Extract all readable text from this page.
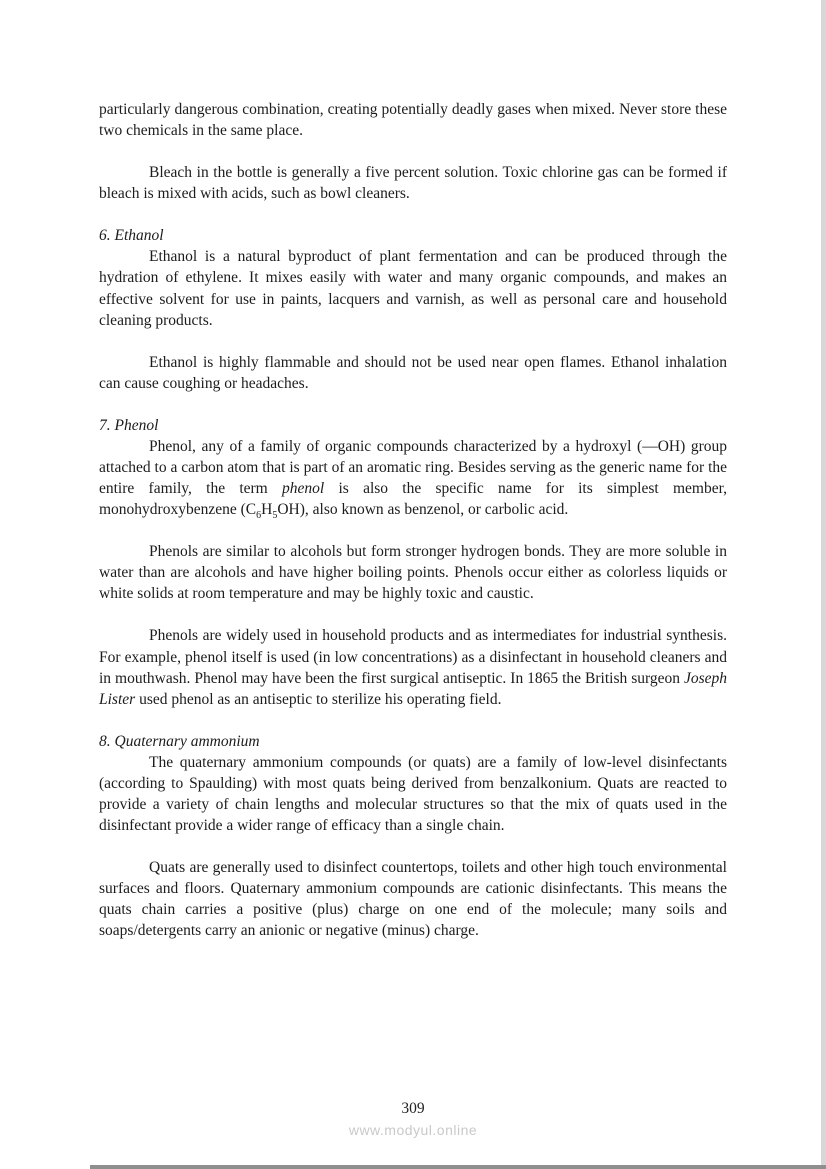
particularly dangerous combination, creating potentially deadly gases when mixed. Never store these two chemicals in the same place.

Bleach in the bottle is generally a five percent solution. Toxic chlorine gas can be formed if bleach is mixed with acids, such as bowl cleaners.

6. Ethanol

Ethanol is a natural byproduct of plant fermentation and can be produced through the hydration of ethylene. It mixes easily with water and many organic compounds, and makes an effective solvent for use in paints, lacquers and varnish, as well as personal care and household cleaning products.

Ethanol is highly flammable and should not be used near open flames. Ethanol inhalation can cause coughing or headaches.

7. Phenol

Phenol, any of a family of organic compounds characterized by a hydroxyl (—OH) group attached to a carbon atom that is part of an aromatic ring. Besides serving as the generic name for the entire family, the term phenol is also the specific name for its simplest member, monohydroxybenzene $(C_6H_5OH)$, also known as benzenol, or carbolic acid.

Phenols are similar to alcohols but form stronger hydrogen bonds. They are more soluble in water than are alcohols and have higher boiling points. Phenols occur either as colorless liquids or white solids at room temperature and may be highly toxic and caustic.

Phenols are widely used in household products and as intermediates for industrial synthesis. For example, phenol itself is used (in low concentrations) as a disinfectant in household cleaners and in mouthwash. Phenol may have been the first surgical antiseptic. In 1865 the British surgeon Joseph Lister used phenol as an antiseptic to sterilize his operating field.

8. Quaternary ammonium

The quaternary ammonium compounds (or quats) are a family of low-level disinfectants (according to Spaulding) with most quats being derived from benzalkonium. Quats are reacted to provide a variety of chain lengths and molecular structures so that the mix of quats used in the disinfectant provide a wider range of efficacy than a single chain.

Quats are generally used to disinfect countertops, toilets and other high touch environmental surfaces and floors. Quaternary ammonium compounds are cationic disinfectants. This means the quats chain carries a positive (plus) charge on one end of the molecule; many soils and soaps/detergents carry an anionic or negative (minus) charge.

309
www.modyul.online
